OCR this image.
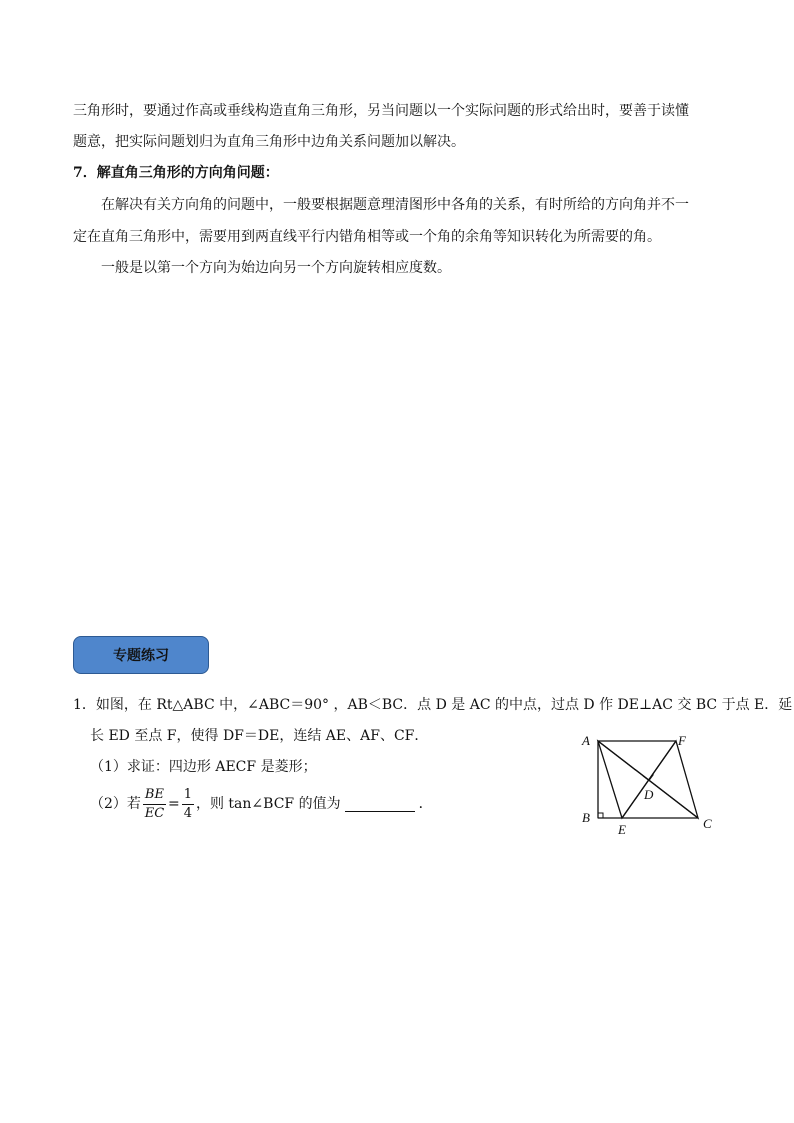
三角形时，要通过作高或垂线构造直角三角形，另当问题以一个实际问题的形式给出时，要善于读懂
题意，把实际问题划归为直角三角形中边角关系问题加以解决。
7．解直角三角形的方向角问题：
在解决有关方向角的问题中，一般要根据题意理清图形中各角的关系，有时所给的方向角并不一
定在直角三角形中，需要用到两直线平行内错角相等或一个角的余角等知识转化为所需要的角。
一般是以第一个方向为始边向另一个方向旋转相应度数。
专题练习
1．如图，在 Rt△ABC 中，∠ABC＝90° ，AB＜BC．点 D 是 AC 的中点，过点 D 作 DE⊥AC 交 BC 于点 E．延
长 ED 至点 F，使得 DF＝DE，连结 AE、AF、CF．
（1）求证：四边形 AECF 是菱形；
（2）若 $\frac{BE}{EC} = \frac{1}{4}$ ，则 tan∠BCF 的值为	．
A	F
D
B
E	C
